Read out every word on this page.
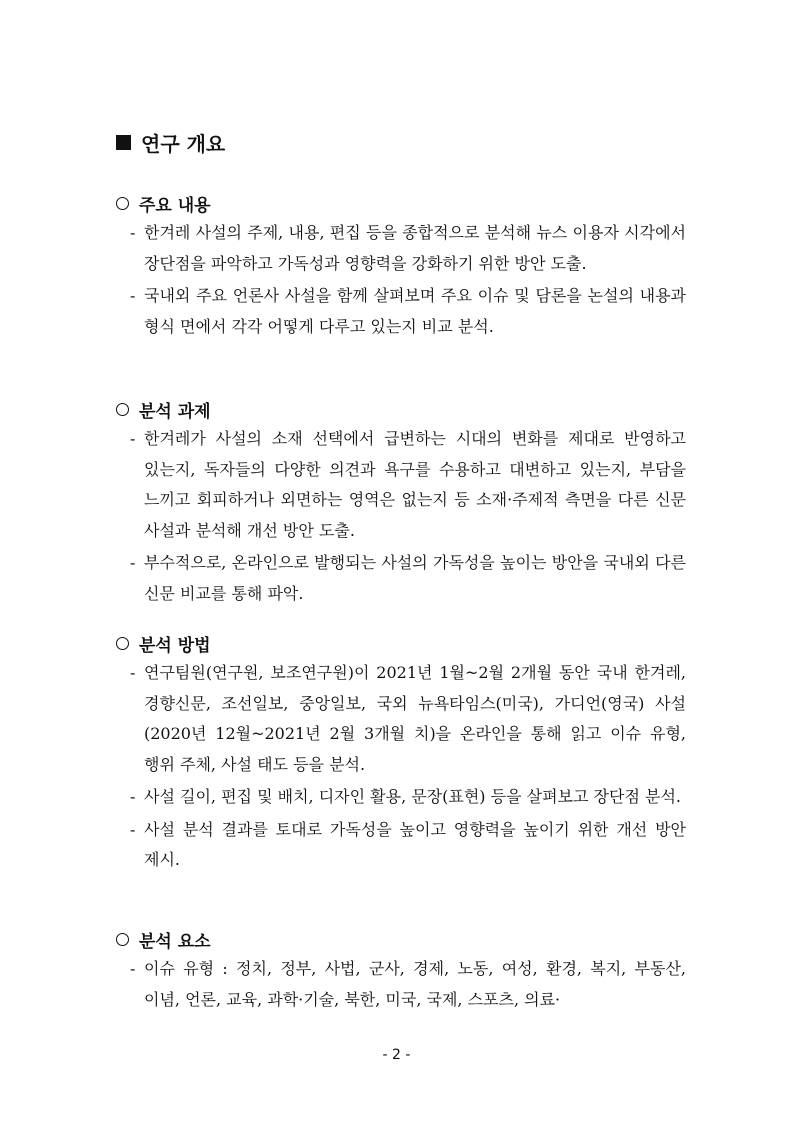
연구 개요
주요 내용
- 한겨레 사설의 주제, 내용, 편집 등을 종합적으로 분석해 뉴스 이용자 시각에서 장단점을 파악하고 가독성과 영향력을 강화하기 위한 방안 도출.
- 국내외 주요 언론사 사설을 함께 살펴보며 주요 이슈 및 담론을 논설의 내용과 형식 면에서 각각 어떻게 다루고 있는지 비교 분석.
분석 과제
- 한겨레가 사설의 소재 선택에서 급변하는 시대의 변화를 제대로 반영하고 있는지, 독자들의 다양한 의견과 욕구를 수용하고 대변하고 있는지, 부담을 느끼고 회피하거나 외면하는 영역은 없는지 등 소재·주제적 측면을 다른 신문 사설과 분석해 개선 방안 도출.
- 부수적으로, 온라인으로 발행되는 사설의 가독성을 높이는 방안을 국내외 다른 신문 비교를 통해 파악.
분석 방법
- 연구팀원(연구원, 보조연구원)이 2021년 1월~2월 2개월 동안 국내 한겨레, 경향신문, 조선일보, 중앙일보, 국외 뉴욕타임스(미국), 가디언(영국) 사설(2020년 12월~2021년 2월 3개월 치)을 온라인을 통해 읽고 이슈 유형, 행위 주체, 사설 태도 등을 분석.
- 사설 길이, 편집 및 배치, 디자인 활용, 문장(표현) 등을 살펴보고 장단점 분석.
- 사설 분석 결과를 토대로 가독성을 높이고 영향력을 높이기 위한 개선 방안 제시.
분석 요소
- 이슈 유형 : 정치, 정부, 사법, 군사, 경제, 노동, 여성, 환경, 복지, 부동산, 이념, 언론, 교육, 과학·기술, 북한, 미국, 국제, 스포츠, 의료·
- 2 -
